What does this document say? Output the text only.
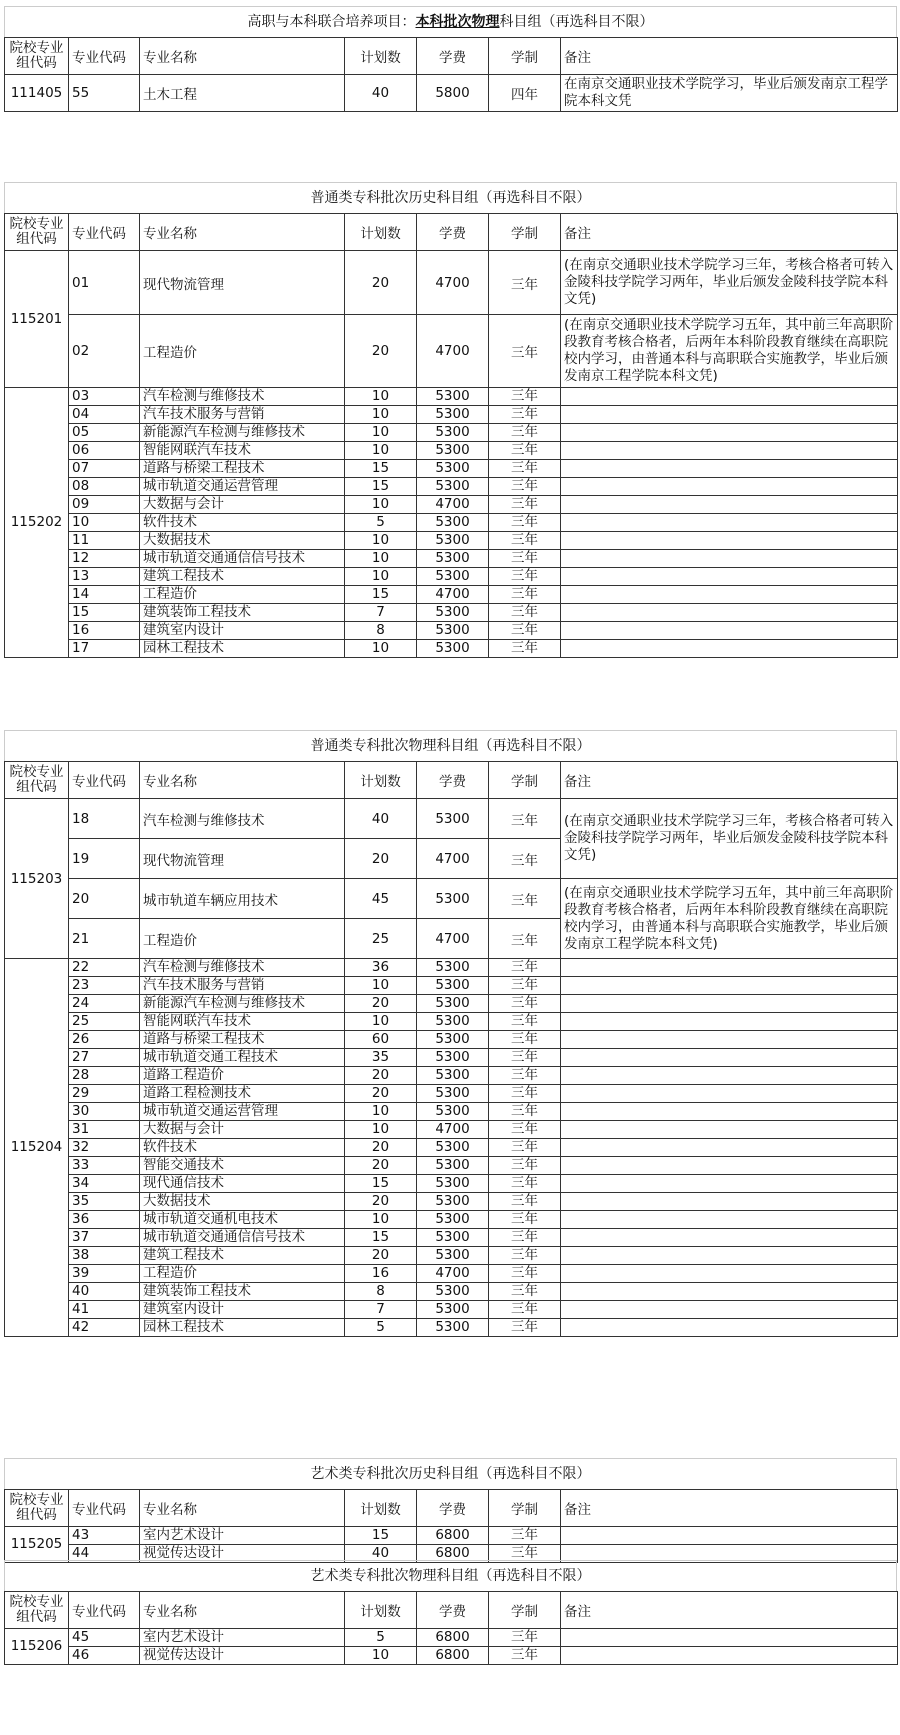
高职与本科联合培养项目：本科批次物理科目组（再选科目不限）
院校专业组代码	专业代码	专业名称	计划数	学费	学制	备注
111405	55	土木工程	40	5800	四年	在南京交通职业技术学院学习，毕业后颁发南京工程学院本科文凭
普通类专科批次历史科目组（再选科目不限）
院校专业组代码	专业代码	专业名称	计划数	学费	学制	备注
115201	01	现代物流管理	20	4700	三年	(在南京交通职业技术学院学习三年，考核合格者可转入金陵科技学院学习两年，毕业后颁发金陵科技学院本科文凭)
	02	工程造价	20	4700	三年	(在南京交通职业技术学院学习五年，其中前三年高职阶段教育考核合格者，后两年本科阶段教育继续在高职院校内学习，由普通本科与高职联合实施教学，毕业后颁发南京工程学院本科文凭)
115202	03	汽车检测与维修技术	10	5300	三年	
	04	汽车技术服务与营销	10	5300	三年	
	05	新能源汽车检测与维修技术	10	5300	三年	
	06	智能网联汽车技术	10	5300	三年	
	07	道路与桥梁工程技术	15	5300	三年	
	08	城市轨道交通运营管理	15	5300	三年	
	09	大数据与会计	10	4700	三年	
	10	软件技术	5	5300	三年	
	11	大数据技术	10	5300	三年	
	12	城市轨道交通通信信号技术	10	5300	三年	
	13	建筑工程技术	10	5300	三年	
	14	工程造价	15	4700	三年	
	15	建筑装饰工程技术	7	5300	三年	
	16	建筑室内设计	8	5300	三年	
	17	园林工程技术	10	5300	三年	
普通类专科批次物理科目组（再选科目不限）
院校专业组代码	专业代码	专业名称	计划数	学费	学制	备注
115203	18	汽车检测与维修技术	40	5300	三年	(在南京交通职业技术学院学习三年，考核合格者可转入金陵科技学院学习两年，毕业后颁发金陵科技学院本科文凭)
	19	现代物流管理	20	4700	三年	
	20	城市轨道车辆应用技术	45	5300	三年	(在南京交通职业技术学院学习五年，其中前三年高职阶段教育考核合格者，后两年本科阶段教育继续在高职院校内学习，由普通本科与高职联合实施教学，毕业后颁发南京工程学院本科文凭)
	21	工程造价	25	4700	三年	
115204	22	汽车检测与维修技术	36	5300	三年	
	23	汽车技术服务与营销	10	5300	三年	
	24	新能源汽车检测与维修技术	20	5300	三年	
	25	智能网联汽车技术	10	5300	三年	
	26	道路与桥梁工程技术	60	5300	三年	
	27	城市轨道交通工程技术	35	5300	三年	
	28	道路工程造价	20	5300	三年	
	29	道路工程检测技术	20	5300	三年	
	30	城市轨道交通运营管理	10	5300	三年	
	31	大数据与会计	10	4700	三年	
	32	软件技术	20	5300	三年	
	33	智能交通技术	20	5300	三年	
	34	现代通信技术	15	5300	三年	
	35	大数据技术	20	5300	三年	
	36	城市轨道交通机电技术	10	5300	三年	
	37	城市轨道交通通信信号技术	15	5300	三年	
	38	建筑工程技术	20	5300	三年	
	39	工程造价	16	4700	三年	
	40	建筑装饰工程技术	8	5300	三年	
	41	建筑室内设计	7	5300	三年	
	42	园林工程技术	5	5300	三年	
艺术类专科批次历史科目组（再选科目不限）
院校专业组代码	专业代码	专业名称	计划数	学费	学制	备注
115205	43	室内艺术设计	15	6800	三年	
	44	视觉传达设计	40	6800	三年	
艺术类专科批次物理科目组（再选科目不限）
院校专业组代码	专业代码	专业名称	计划数	学费	学制	备注
115206	45	室内艺术设计	5	6800	三年	
	46	视觉传达设计	10	6800	三年	
